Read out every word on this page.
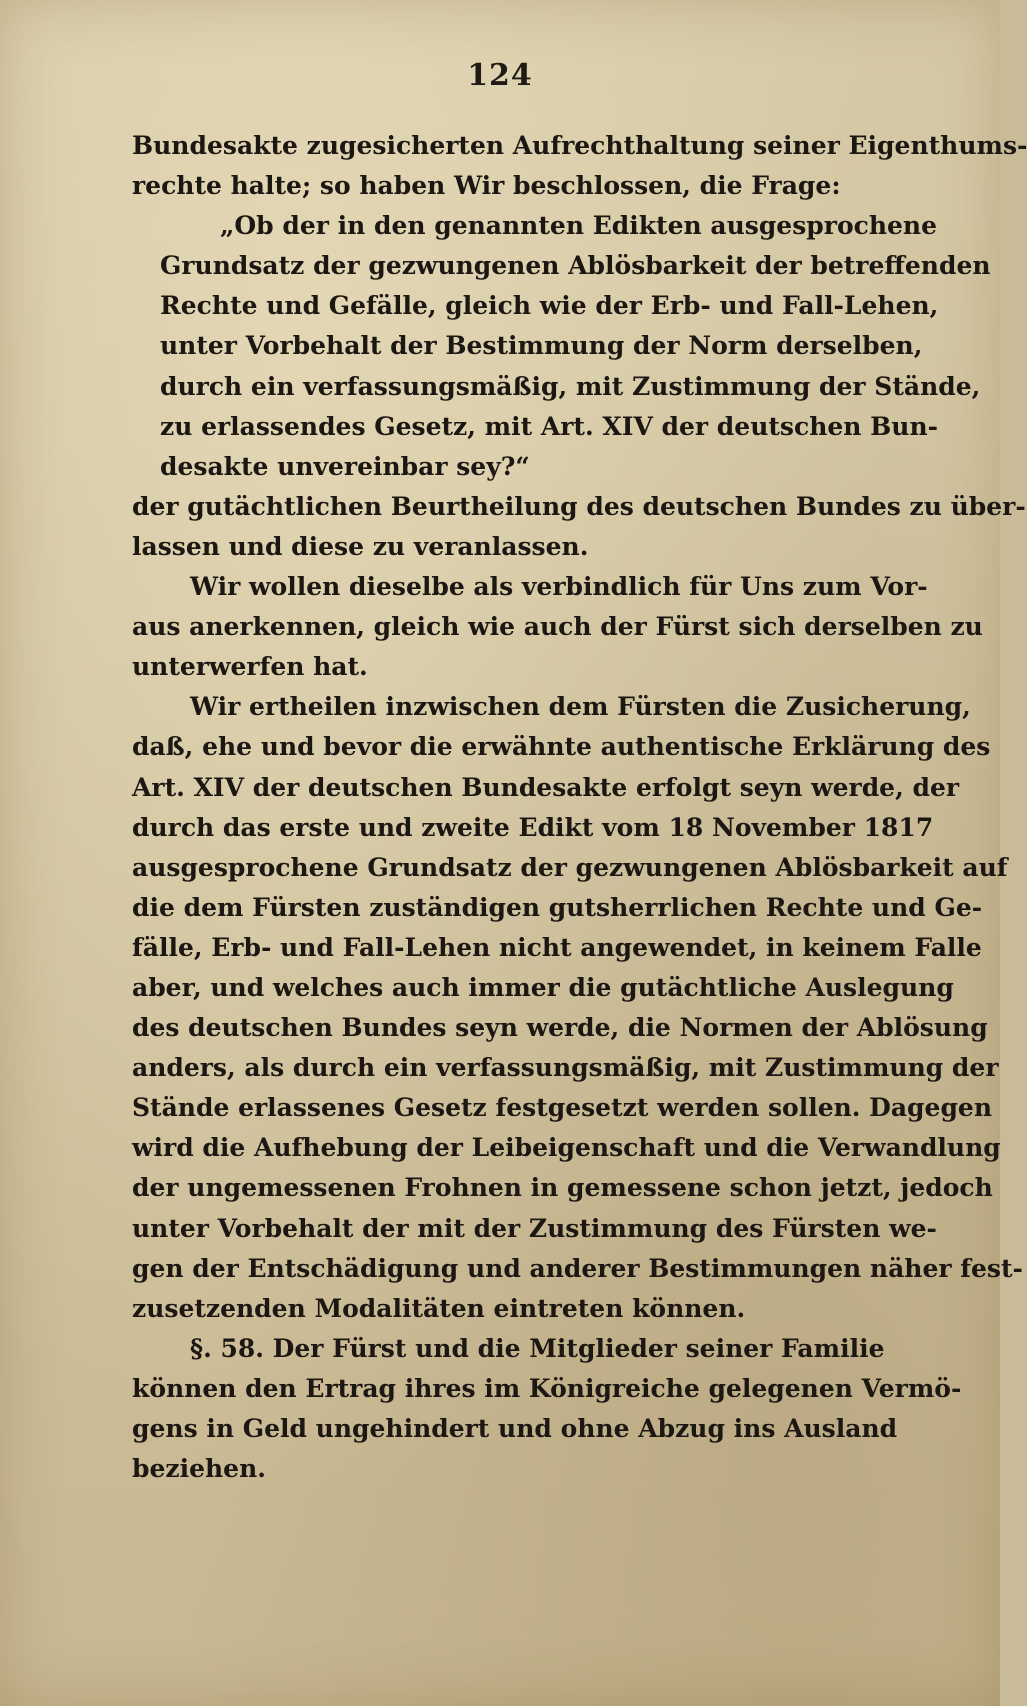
124
Bundesakte zugesicherten Aufrechthaltung seiner Eigenthums-
rechte halte; so haben Wir beschlossen, die Frage:
„Ob der in den genannten Edikten ausgesprochene
Grundsatz der gezwungenen Ablösbarkeit der betreffenden
Rechte und Gefälle, gleich wie der Erb- und Fall-Lehen,
unter Vorbehalt der Bestimmung der Norm derselben,
durch ein verfassungsmäßig, mit Zustimmung der Stände,
zu erlassendes Gesetz, mit Art. XIV der deutschen Bun-
desakte unvereinbar sey?“
der gutächtlichen Beurtheilung des deutschen Bundes zu über-
lassen und diese zu veranlassen.
Wir wollen dieselbe als verbindlich für Uns zum Vor-
aus anerkennen, gleich wie auch der Fürst sich derselben zu
unterwerfen hat.
Wir ertheilen inzwischen dem Fürsten die Zusicherung,
daß, ehe und bevor die erwähnte authentische Erklärung des
Art. XIV der deutschen Bundesakte erfolgt seyn werde, der
durch das erste und zweite Edikt vom 18 November 1817
ausgesprochene Grundsatz der gezwungenen Ablösbarkeit auf
die dem Fürsten zuständigen gutsherrlichen Rechte und Ge-
fälle, Erb- und Fall-Lehen nicht angewendet, in keinem Falle
aber, und welches auch immer die gutächtliche Auslegung
des deutschen Bundes seyn werde, die Normen der Ablösung
anders, als durch ein verfassungsmäßig, mit Zustimmung der
Stände erlassenes Gesetz festgesetzt werden sollen. Dagegen
wird die Aufhebung der Leibeigenschaft und die Verwandlung
der ungemessenen Frohnen in gemessene schon jetzt, jedoch
unter Vorbehalt der mit der Zustimmung des Fürsten we-
gen der Entschädigung und anderer Bestimmungen näher fest-
zusetzenden Modalitäten eintreten können.
§. 58. Der Fürst und die Mitglieder seiner Familie
können den Ertrag ihres im Königreiche gelegenen Vermö-
gens in Geld ungehindert und ohne Abzug ins Ausland
beziehen.
